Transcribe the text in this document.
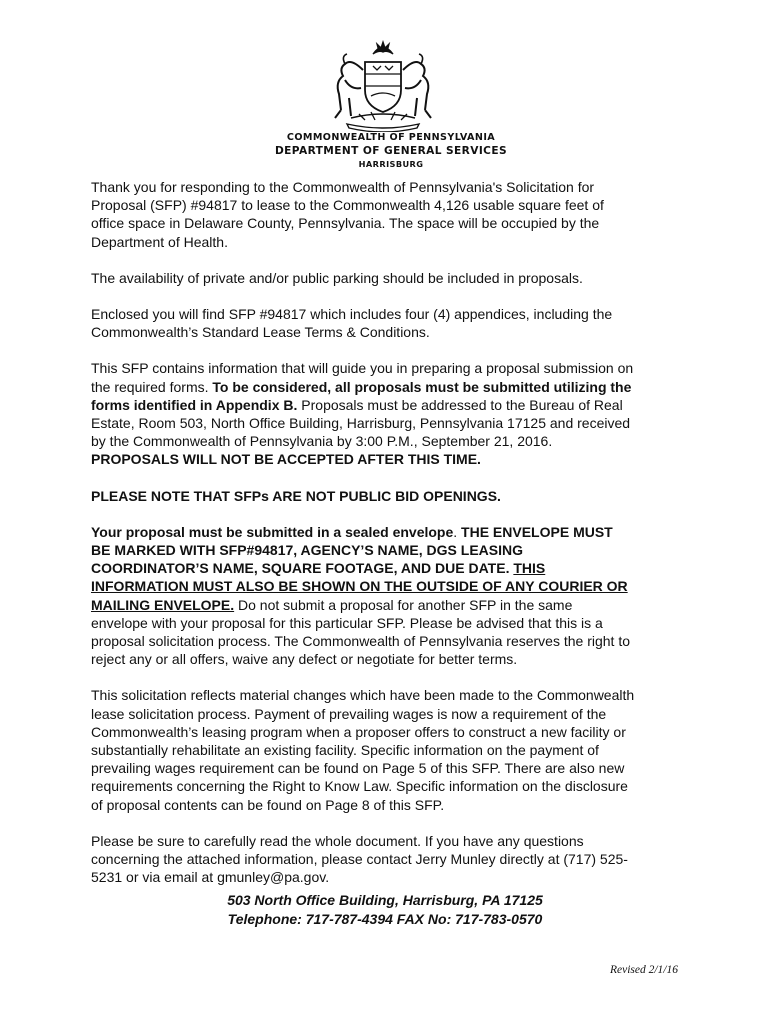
COMMONWEALTH OF PENNSYLVANIA
DEPARTMENT OF GENERAL SERVICES
HARRISBURG

Thank you for responding to the Commonwealth of Pennsylvania's Solicitation for
Proposal (SFP) #94817 to lease to the Commonwealth 4,126 usable square feet of
office space in Delaware County, Pennsylvania. The space will be occupied by the
Department of Health.

The availability of private and/or public parking should be included in proposals.

Enclosed you will find SFP #94817 which includes four (4) appendices, including the
Commonwealth’s Standard Lease Terms & Conditions.

This SFP contains information that will guide you in preparing a proposal submission on
the required forms. To be considered, all proposals must be submitted utilizing the
forms identified in Appendix B. Proposals must be addressed to the Bureau of Real
Estate, Room 503, North Office Building, Harrisburg, Pennsylvania 17125 and received
by the Commonwealth of Pennsylvania by 3:00 P.M., September 21, 2016.
PROPOSALS WILL NOT BE ACCEPTED AFTER THIS TIME.

PLEASE NOTE THAT SFPs ARE NOT PUBLIC BID OPENINGS.

Your proposal must be submitted in a sealed envelope. THE ENVELOPE MUST
BE MARKED WITH SFP#94817, AGENCY’S NAME, DGS LEASING
COORDINATOR’S NAME, SQUARE FOOTAGE, AND DUE DATE. THIS
INFORMATION MUST ALSO BE SHOWN ON THE OUTSIDE OF ANY COURIER OR
MAILING ENVELOPE. Do not submit a proposal for another SFP in the same
envelope with your proposal for this particular SFP. Please be advised that this is a
proposal solicitation process. The Commonwealth of Pennsylvania reserves the right to
reject any or all offers, waive any defect or negotiate for better terms.

This solicitation reflects material changes which have been made to the Commonwealth
lease solicitation process. Payment of prevailing wages is now a requirement of the
Commonwealth’s leasing program when a proposer offers to construct a new facility or
substantially rehabilitate an existing facility. Specific information on the payment of
prevailing wages requirement can be found on Page 5 of this SFP. There are also new
requirements concerning the Right to Know Law. Specific information on the disclosure
of proposal contents can be found on Page 8 of this SFP.

Please be sure to carefully read the whole document. If you have any questions
concerning the attached information, please contact Jerry Munley directly at (717) 525-
5231 or via email at gmunley@pa.gov.

503 North Office Building, Harrisburg, PA 17125
Telephone: 717-787-4394 FAX No: 717-783-0570
Revised 2/1/16
